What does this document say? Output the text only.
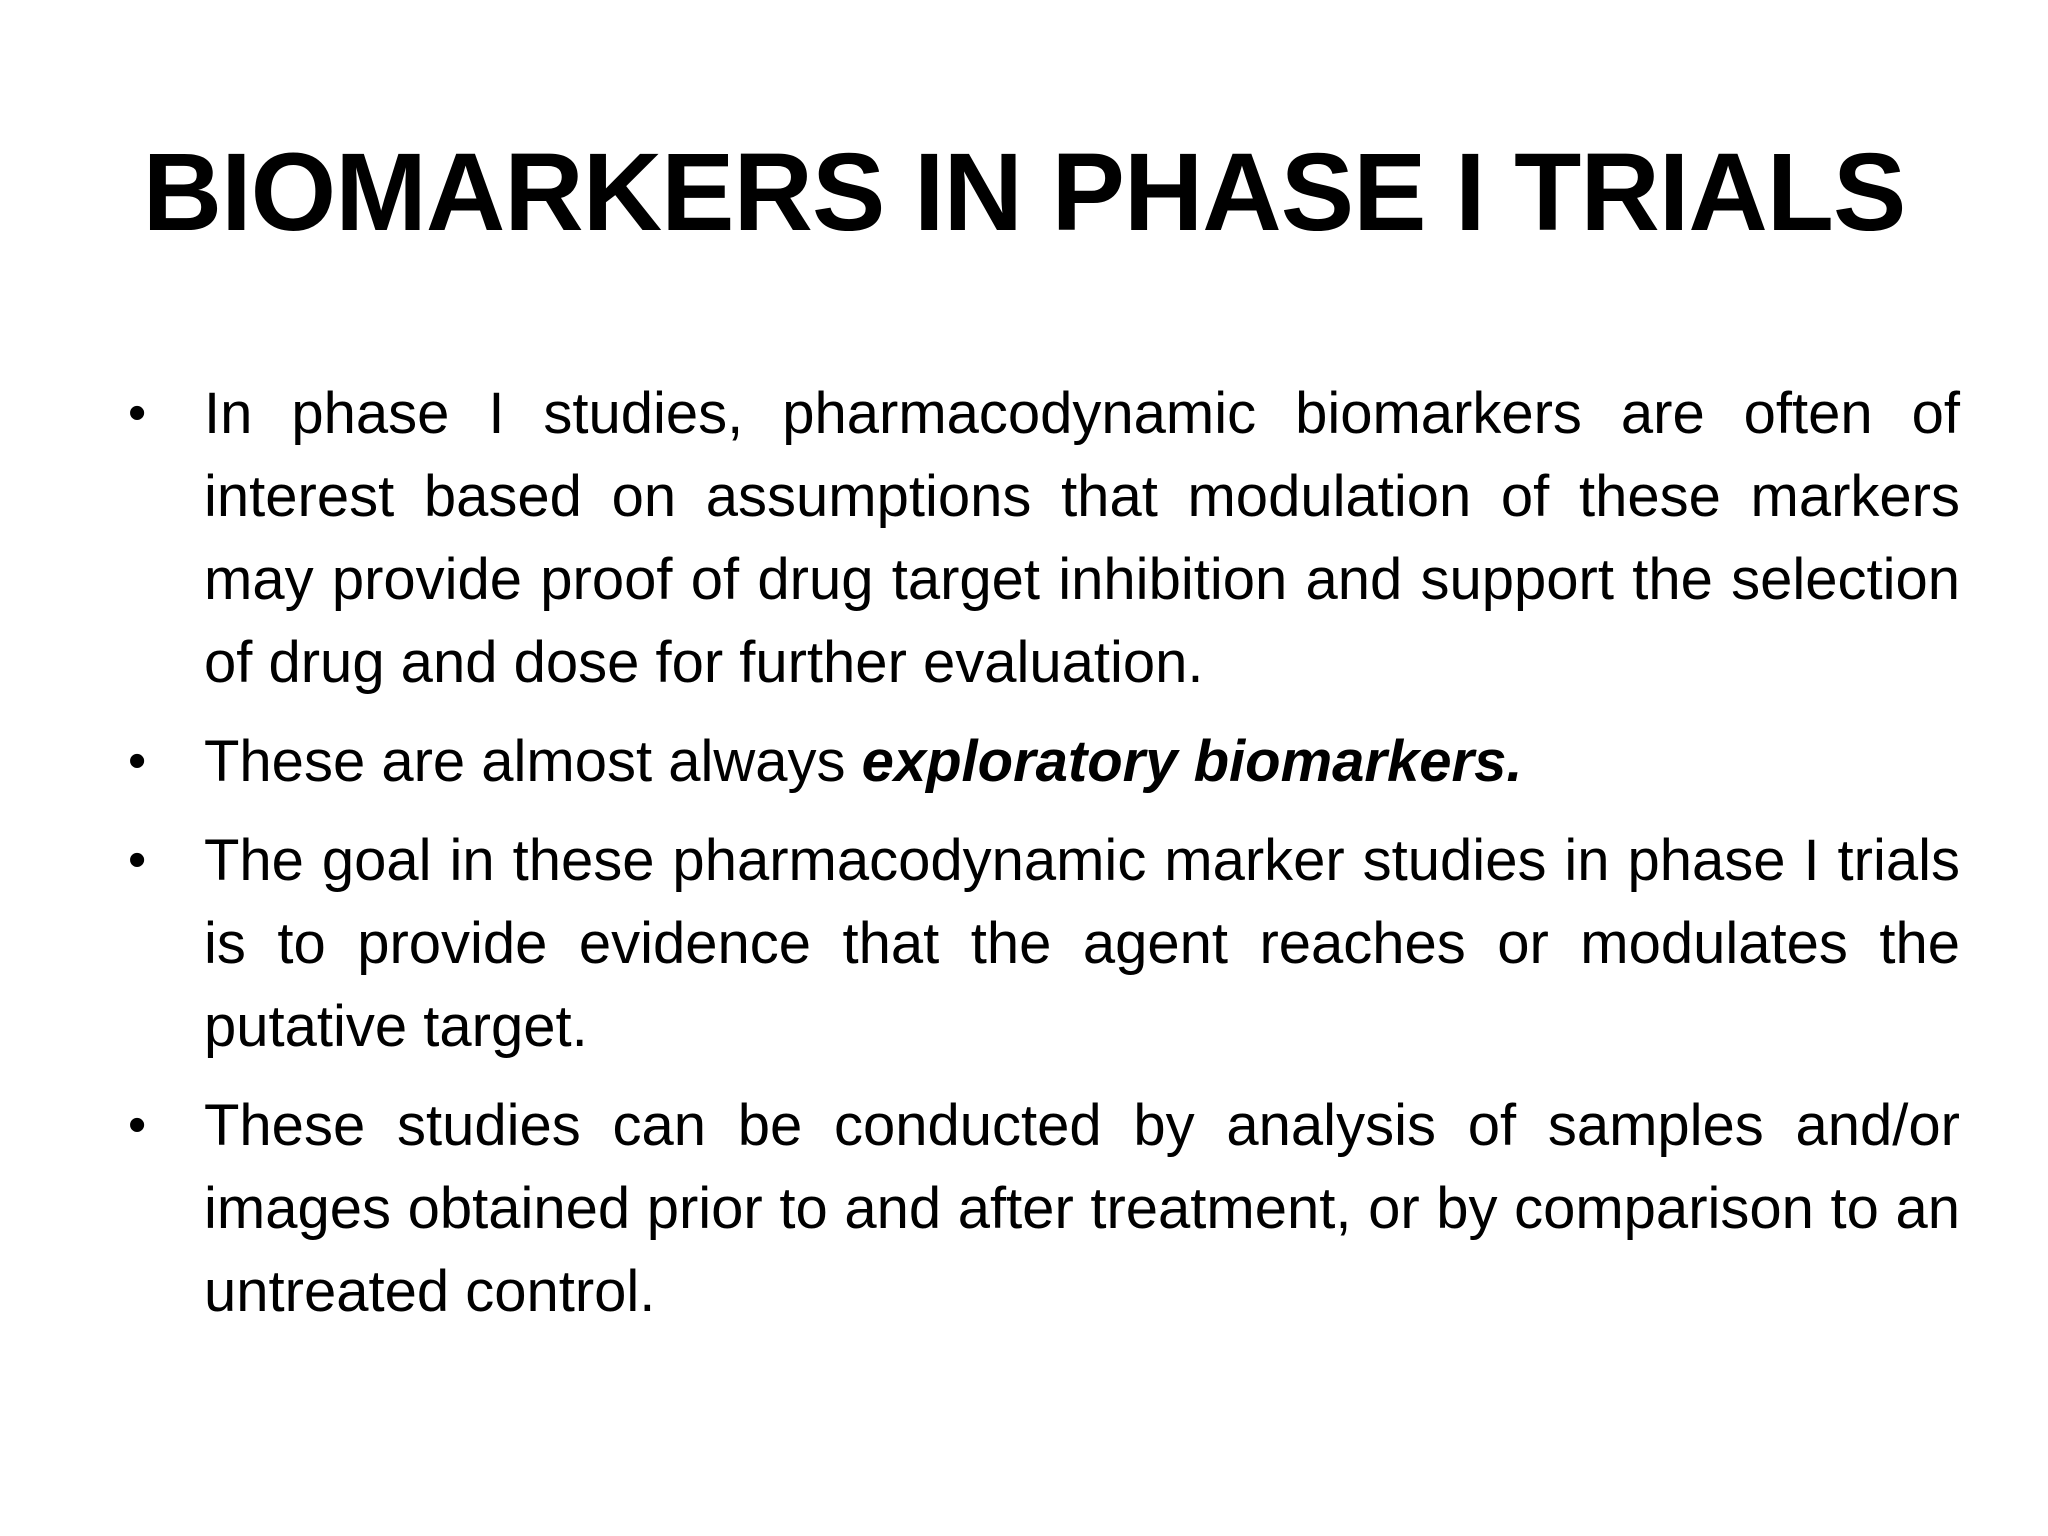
BIOMARKERS IN PHASE I TRIALS
• In phase I studies, pharmacodynamic biomarkers are often of interest based on assumptions that modulation of these markers may provide proof of drug target inhibition and support the selection of drug and dose for further evaluation.
• These are almost always exploratory biomarkers.
• The goal in these pharmacodynamic marker studies in phase I trials is to provide evidence that the agent reaches or modulates the putative target.
• These studies can be conducted by analysis of samples and/or images obtained prior to and after treatment, or by comparison to an untreated control.
